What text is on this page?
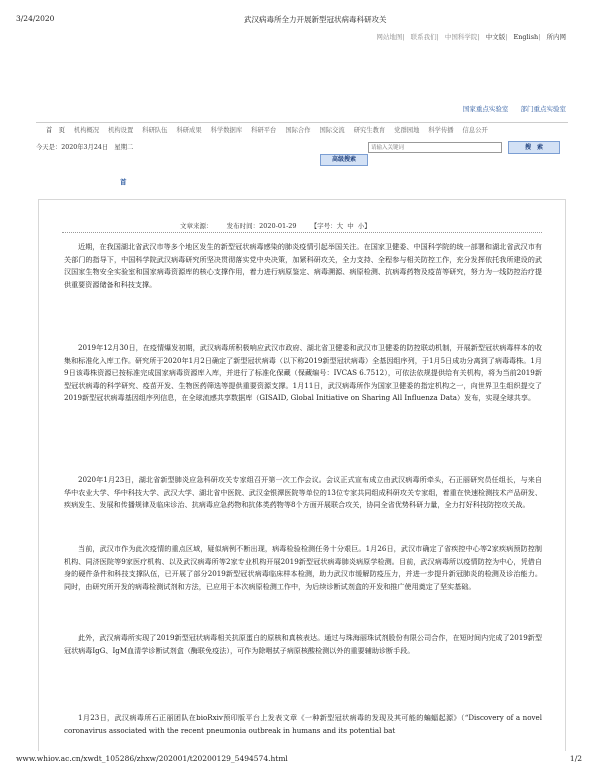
3/24/2020	武汉病毒所全力开展新型冠状病毒科研攻关
网站地图| 联系我们| 中国科学院| 中文版| English| 所内网
国家重点实验室 部门重点实验室
首　页 机构概况 机构设置 科研队伍 科研成果 科学数据库 科研平台 国际合作 国际交流 研究生教育 党群园地 科学传播 信息公开
今天是：2020年3月24日　星期二
请输入关键词	搜　索
高级搜索
首
文章来源： 发布时间：2020-01-29 【字号：大 中 小】
近期，在我国湖北省武汉市等多个地区发生的新型冠状病毒感染的肺炎疫情引起举国关注。在国家卫健委、中国科学院的统一部署和湖北省武汉市有关部门的指导下，中国科学院武汉病毒研究所坚决贯彻落实党中央决策，加紧科研攻关，全力支持、全程参与相关防控工作，充分发挥依托我所建设的武汉国家生物安全实验室和国家病毒资源库的核心支撑作用，着力进行病原鉴定、病毒溯源、病原检测、抗病毒药物及疫苗等研究，努力为一线防控治疗提供重要资源储备和科技支撑。
2019年12月30日，在疫情爆发初期，武汉病毒所积极响应武汉市政府、湖北省卫健委和武汉市卫健委的防控联动机制，开展新型冠状病毒样本的收集和标准化入库工作。研究所于2020年1月2日确定了新型冠状病毒（以下称2019新型冠状病毒）全基因组序列，于1月5日成功分离到了病毒毒株。1月9日该毒株资源已按标准完成国家病毒资源库入库，并进行了标准化保藏（保藏编号：IVCAS 6.7512），可依法依规提供给有关机构，将为当前2019新型冠状病毒的科学研究、疫苗开发、生物医药筛选等提供重要资源支撑。1月11日，武汉病毒所作为国家卫健委的指定机构之一，向世界卫生组织提交了2019新型冠状病毒基因组序列信息，在全球流感共享数据库（GISAID, Global Initiative on Sharing All Influenza Data）发布，实现全球共享。
2020年1月23日，湖北省新型肺炎应急科研攻关专家组召开第一次工作会议。会议正式宣布成立由武汉病毒所牵头，石正丽研究员任组长，与来自华中农业大学、华中科技大学、武汉大学、湖北省中医院、武汉金银潭医院等单位的13位专家共同组成科研攻关专家组，着重在快速检测技术产品研发、疾病发生、发展和传播规律及临床诊治、抗病毒应急药物和抗体类药物等8个方面开展联合攻关，协同全省优势科研力量，全力打好科技防控攻关战。
当前，武汉市作为此次疫情的重点区域，疑似病例不断出现，病毒检验检测任务十分艰巨。1月26日，武汉市确定了省疾控中心等2家疾病预防控制机构、同济医院等9家医疗机构、以及武汉病毒所等2家专业机构开展2019新型冠状病毒肺炎病原学检测。目前，武汉病毒所以疫情防控为中心，凭借自身的硬件条件和科技支撑队伍，已开展了部分2019新型冠状病毒临床样本检测，助力武汉市缓解防疫压力，并进一步提升新冠肺炎的检测及诊治能力。同时，由研究所开发的病毒检测试剂和方法，已应用于本次病原检测工作中，为后续诊断试剂盒的开发和推广使用奠定了坚实基础。
此外，武汉病毒所实现了2019新型冠状病毒相关抗原蛋白的原核和真核表达。通过与珠海丽珠试剂股份有限公司合作，在短时间内完成了2019新型冠状病毒IgG、IgM血清学诊断试剂盒（酶联免疫法），可作为除咽拭子病原核酸检测以外的重要辅助诊断手段。
1月23日，武汉病毒所石正丽团队在bioRxiv预印版平台上发表文章《一种新型冠状病毒的发现及其可能的蝙蝠起源》（“Discovery of a novel coronavirus associated with the recent pneumonia outbreak in humans and its potential bat
www.whiov.ac.cn/xwdt_105286/zhxw/202001/t20200129_5494574.html	1/2
